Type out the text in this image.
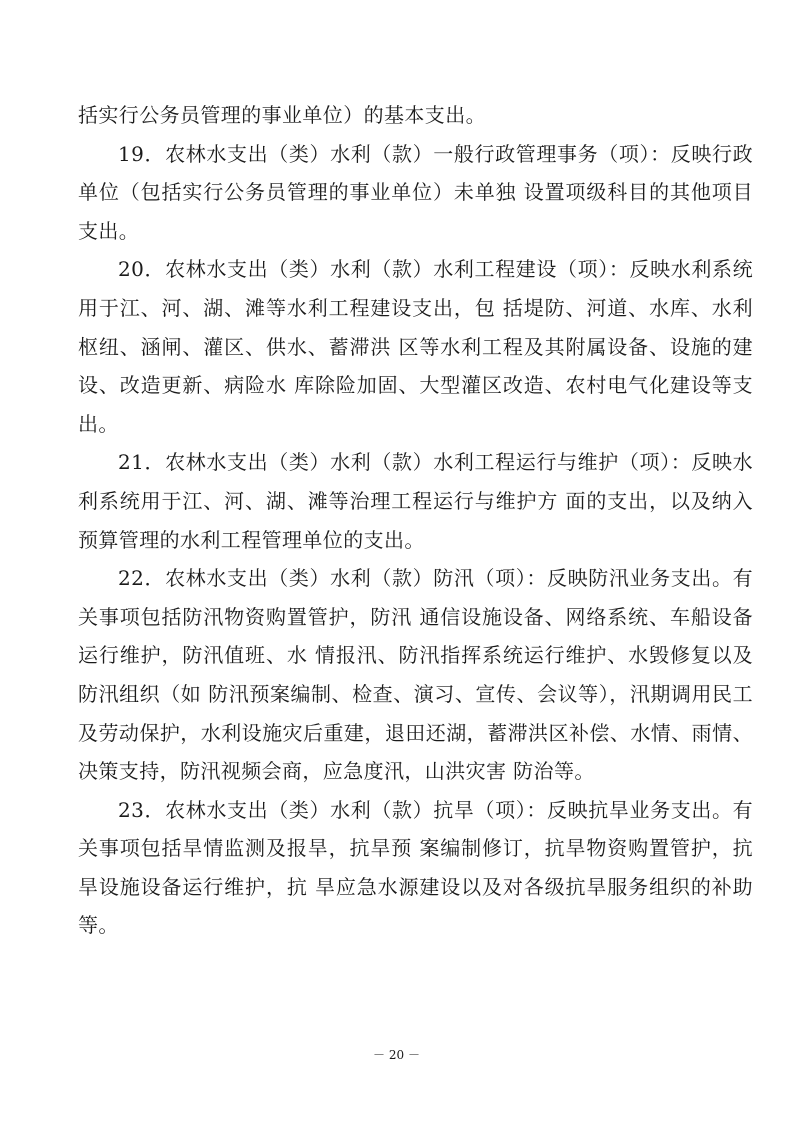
括实行公务员管理的事业单位）的基本支出。

19．农林水支出（类）水利（款）一般行政管理事务（项）：反映行政单位（包括实行公务员管理的事业单位）未单独 设置项级科目的其他项目支出。

20．农林水支出（类）水利（款）水利工程建设（项）：反映水利系统用于江、河、湖、滩等水利工程建设支出，包 括堤防、河道、水库、水利枢纽、涵闸、灌区、供水、蓄滞洪 区等水利工程及其附属设备、设施的建设、改造更新、病险水 库除险加固、大型灌区改造、农村电气化建设等支出。

21．农林水支出（类）水利（款）水利工程运行与维护（项）：反映水利系统用于江、河、湖、滩等治理工程运行与维护方 面的支出，以及纳入预算管理的水利工程管理单位的支出。

22．农林水支出（类）水利（款）防汛（项）：反映防汛业务支出。有关事项包括防汛物资购置管护，防汛 通信设施设备、网络系统、车船设备运行维护，防汛值班、水 情报汛、防汛指挥系统运行维护、水毁修复以及防汛组织（如 防汛预案编制、检查、演习、宣传、会议等），汛期调用民工 及劳动保护，水利设施灾后重建，退田还湖，蓄滞洪区补偿、水情、雨情、决策支持，防汛视频会商，应急度汛，山洪灾害 防治等。

23．农林水支出（类）水利（款）抗旱（项）：反映抗旱业务支出。有关事项包括旱情监测及报旱，抗旱预 案编制修订，抗旱物资购置管护，抗旱设施设备运行维护，抗 旱应急水源建设以及对各级抗旱服务组织的补助等。

－ 20 －
